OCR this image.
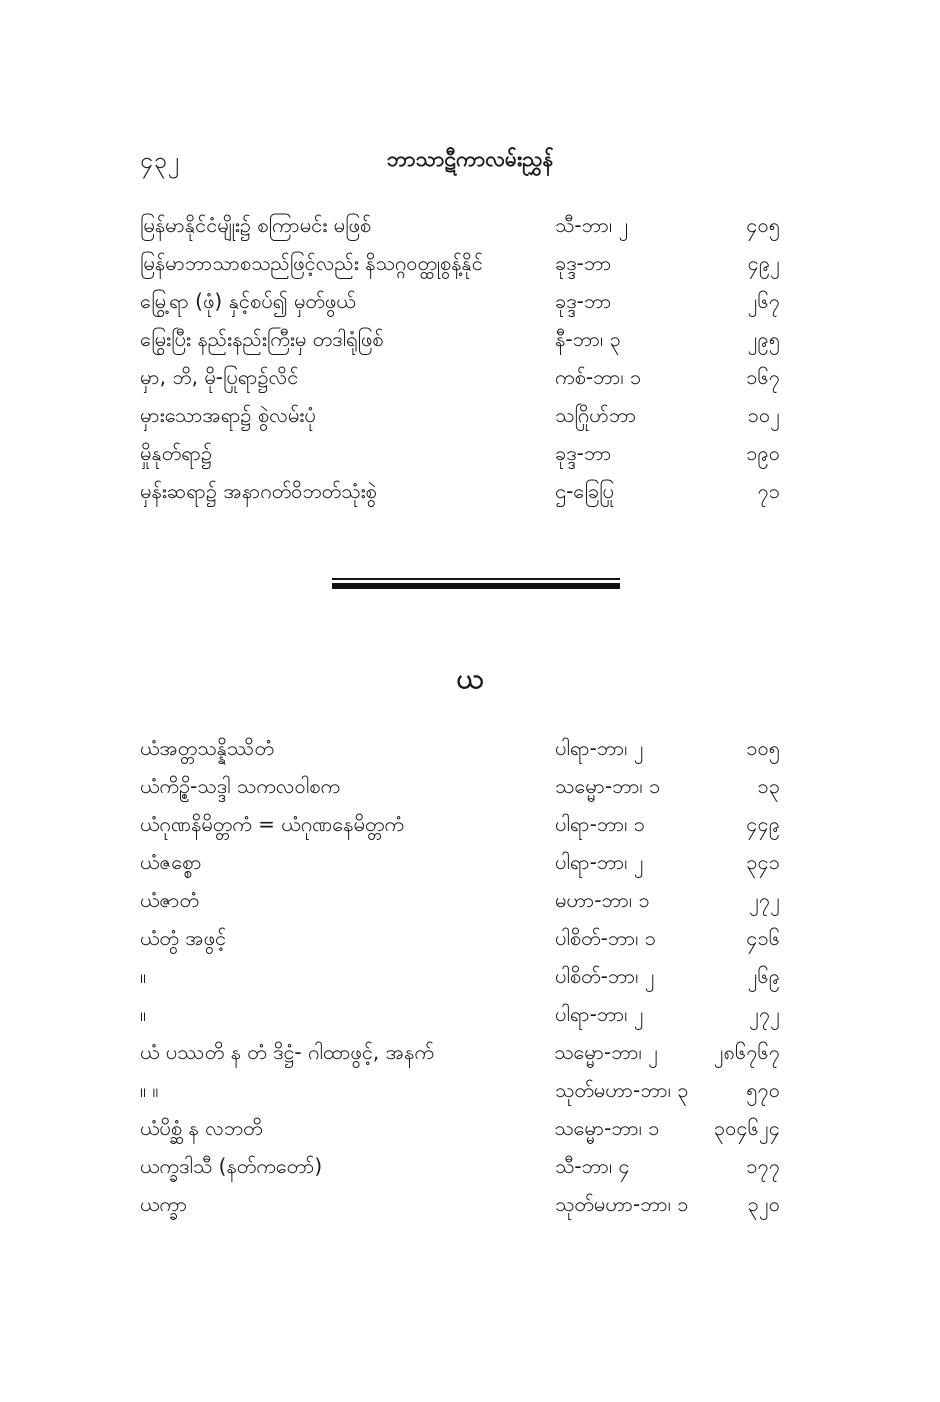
၄၃၂	ဘာသာဋီကာလမ်းညွှန်
မြန်မာနိုင်ငံမျိုး၌ စကြာမင်း မဖြစ်	သီ-ဘာ၊ ၂	၄၀၅
မြန်မာဘာသာစသည်ဖြင့်လည်း နိသဂ္ဂဝတ္ထုစွန့်နိုင်	ခုဒ္ဒ-ဘာ	၄၉၂
မြွေ့ရာ (ဖုံ) နှင့်စပ်၍ မှတ်ဖွယ်	ခုဒ္ဒ-ဘာ	၂၆၇
မြွေးပြီး နည်းနည်းကြီးမှ တဒါရုံဖြစ်	နီ-ဘာ၊ ၃	၂၉၅
မှာ, ဘိ, မို-ပြုရာ၌လိင်	ကစ်-ဘာ၊ ၁	၁၆၇
မှားသောအရာ၌ စွဲလမ်းပုံ	သဂြိုဟ်ဘာ	၁၀၂
မှိုနုတ်ရာ၌	ခုဒ္ဒ-ဘာ	၁၉၀
မှန်းဆရာ၌ အနာဂတ်ဝိဘတ်သုံးစွဲ	ဌ-ခြေပြု	၇၁
ယ
ယံအတ္တသန္နိဿိတံ	ပါရာ-ဘာ၊ ၂	၁၀၅
ယံကိဉ္စိ-သဒ္ဒါ သကလဝါစက	သမ္မော-ဘာ၊ ၁	၁၃
ယံဂုဏနိမိတ္တကံ = ယံဂုဏနေမိတ္တကံ	ပါရာ-ဘာ၊ ၁	၄၄၉
ယံဇစ္စော	ပါရာ-ဘာ၊ ၂	၃၄၁
ယံဇာတံ	မဟာ-ဘာ၊ ၁	၂၇၂
ယံတွံ အဖွင့်	ပါစိတ်-ဘာ၊ ၁	၄၁၆
။	ပါစိတ်-ဘာ၊ ၂	၂၆၉
။	ပါရာ-ဘာ၊ ၂	၂၇၂
ယံ ပဿတိ န တံ ဒိဋ္ဌံ- ဂါထာဖွင့်, အနက်	သမ္မော-ဘာ၊ ၂	၂၈၆၇၆၇
။ ။	သုတ်မဟာ-ဘာ၊ ၃	၅၇၀
ယံပိစ္ဆံ န လဘတိ	သမ္မော-ဘာ၊ ၁	၃၀၄၆၂၄
ယက္ခဒါသီ (နတ်ကတော်)	သီ-ဘာ၊ ၄	၁၇၇
ယက္ခာ	သုတ်မဟာ-ဘာ၊ ၁	၃၂၀
